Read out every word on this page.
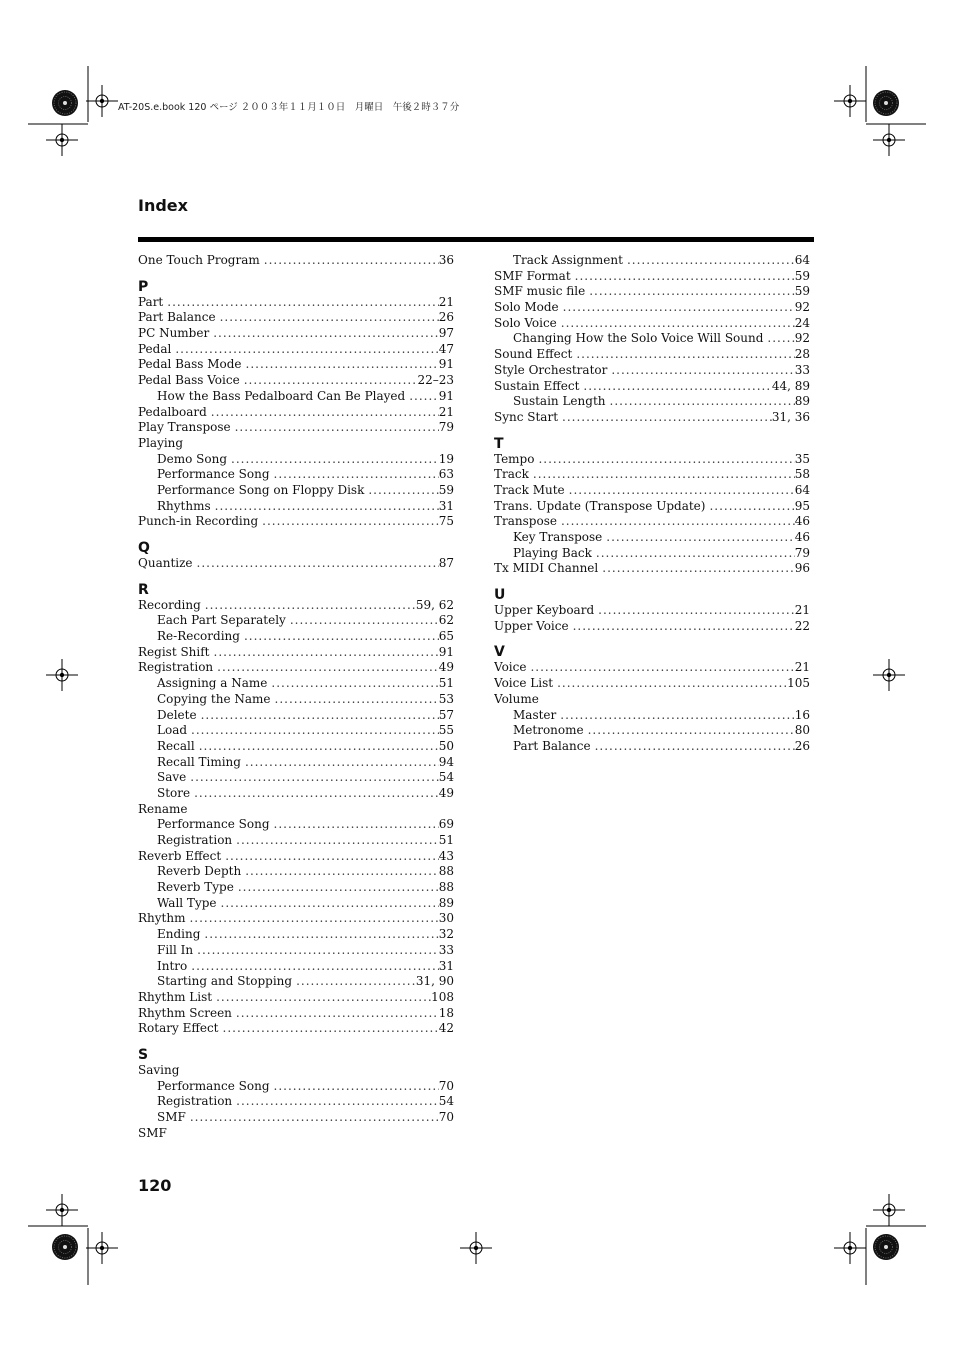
AT-20S.e.book 120 ページ ２００３年１１月１０日　月曜日　午後２時３７分
Index
One Touch Program .....	36
P
Part .....	21
Part Balance .....	26
PC Number .....	97
Pedal .....	47
Pedal Bass Mode .....	91
Pedal Bass Voice .....	22–23
How the Bass Pedalboard Can Be Played .....	91
Pedalboard .....	21
Play Transpose .....	79
Playing
Demo Song .....	19
Performance Song .....	63
Performance Song on Floppy Disk .....	59
Rhythms .....	31
Punch-in Recording .....	75
Q
Quantize .....	87
R
Recording .....	59, 62
Each Part Separately .....	62
Re-Recording .....	65
Regist Shift .....	91
Registration .....	49
Assigning a Name .....	51
Copying the Name .....	53
Delete .....	57
Load .....	55
Recall .....	50
Recall Timing .....	94
Save .....	54
Store .....	49
Rename
Performance Song .....	69
Registration .....	51
Reverb Effect .....	43
Reverb Depth .....	88
Reverb Type .....	88
Wall Type .....	89
Rhythm .....	30
Ending .....	32
Fill In .....	33
Intro .....	31
Starting and Stopping .....	31, 90
Rhythm List .....	108
Rhythm Screen .....	18
Rotary Effect .....	42
S
Saving
Performance Song .....	70
Registration .....	54
SMF .....	70
SMF
Track Assignment .....	64
SMF Format .....	59
SMF music file .....	59
Solo Mode .....	92
Solo Voice .....	24
Changing How the Solo Voice Will Sound .....	92
Sound Effect .....	28
Style Orchestrator .....	33
Sustain Effect .....	44, 89
Sustain Length .....	89
Sync Start .....	31, 36
T
Tempo .....	35
Track .....	58
Track Mute .....	64
Trans. Update (Transpose Update) .....	95
Transpose .....	46
Key Transpose .....	46
Playing Back .....	79
Tx MIDI Channel .....	96
U
Upper Keyboard .....	21
Upper Voice .....	22
V
Voice .....	21
Voice List .....	105
Volume
Master .....	16
Metronome .....	80
Part Balance .....	26
120
